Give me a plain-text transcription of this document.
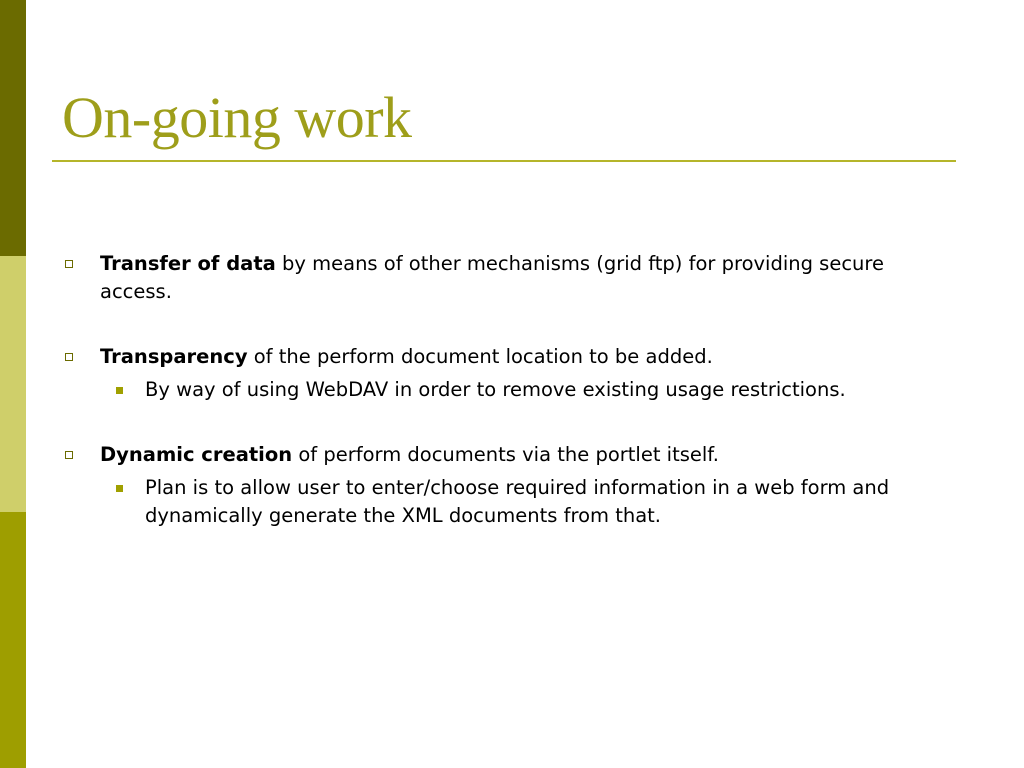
On-going work
Transfer of data by means of other mechanisms (grid ftp) for providing secure access.
Transparency of the perform document location to be added.
By way of using WebDAV in order to remove existing usage restrictions.
Dynamic creation of perform documents via the portlet itself.
Plan is to allow user to enter/choose required information in a web form and dynamically generate the XML documents from that.
